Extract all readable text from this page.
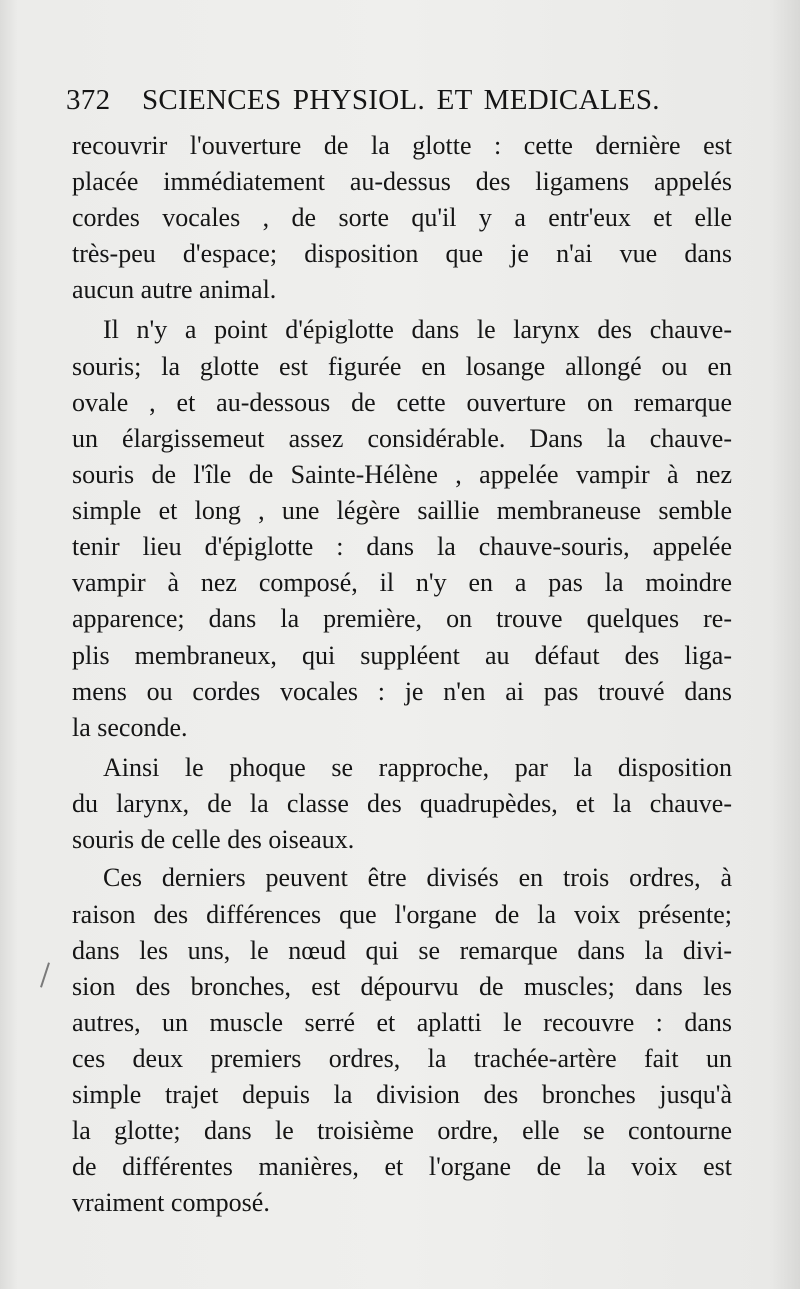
372 SCIENCES PHYSIOL. ET MEDICALES.
recouvrir l'ouverture de la glotte : cette dernière est
placée immédiatement au-dessus des ligamens appelés
cordes vocales , de sorte qu'il y a entr'eux et elle
très-peu d'espace; disposition que je n'ai vue dans
aucun autre animal.
Il n'y a point d'épiglotte dans le larynx des chauve-
souris; la glotte est figurée en losange allongé ou en
ovale , et au-dessous de cette ouverture on remarque
un élargissemeut assez considérable. Dans la chauve-
souris de l'île de Sainte-Hélène , appelée vampir à nez
simple et long , une légère saillie membraneuse semble
tenir lieu d'épiglotte : dans la chauve-souris, appelée
vampir à nez composé, il n'y en a pas la moindre
apparence; dans la première, on trouve quelques re-
plis membraneux, qui suppléent au défaut des liga-
mens ou cordes vocales : je n'en ai pas trouvé dans
la seconde.
Ainsi le phoque se rapproche, par la disposition
du larynx, de la classe des quadrupèdes, et la chauve-
souris de celle des oiseaux.
Ces derniers peuvent être divisés en trois ordres, à
raison des différences que l'organe de la voix présente;
dans les uns, le nœud qui se remarque dans la divi-
sion des bronches, est dépourvu de muscles; dans les
autres, un muscle serré et aplatti le recouvre : dans
ces deux premiers ordres, la trachée-artère fait un
simple trajet depuis la division des bronches jusqu'à
la glotte; dans le troisième ordre, elle se contourne
de différentes manières, et l'organe de la voix est
vraiment composé.
